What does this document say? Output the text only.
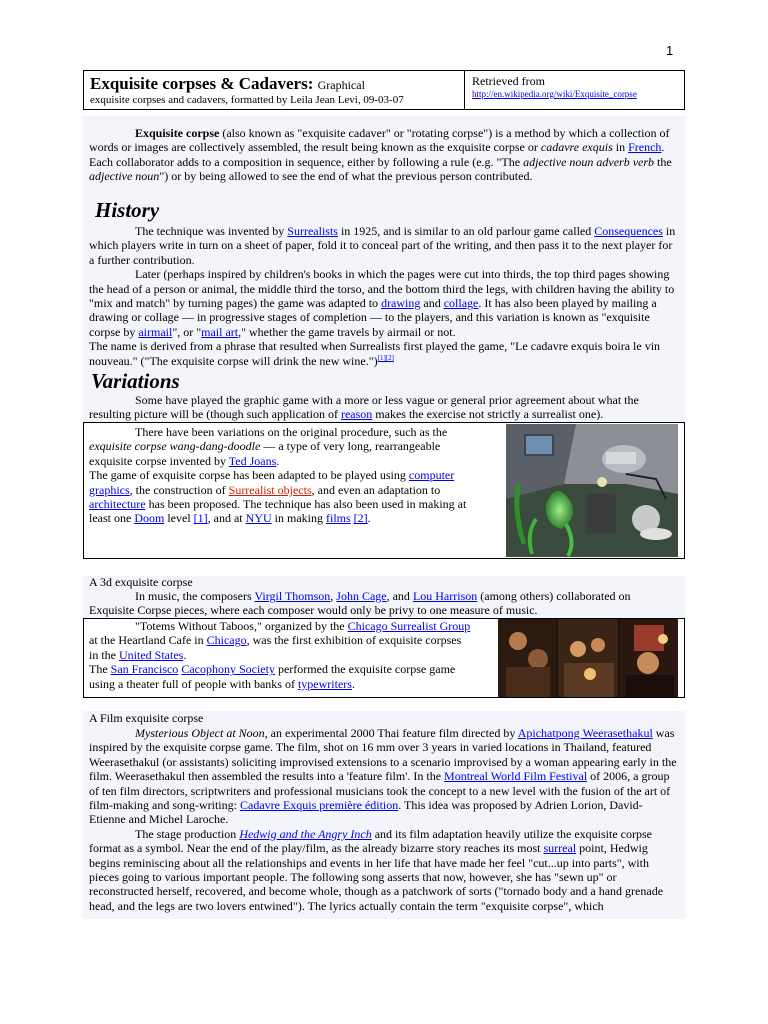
1
Exquisite corpses & Cadavers: Graphical
exquisite corpses and cadavers, formatted by Leila Jean Levi, 09-03-07
Retrieved from
http://en.wikipedia.org/wiki/Exquisite_corpse

Exquisite corpse (also known as "exquisite cadaver" or "rotating corpse") is a method by which a collection of words or images are collectively assembled, the result being known as the exquisite corpse or cadavre exquis in French. Each collaborator adds to a composition in sequence, either by following a rule (e.g. "The adjective noun adverb verb the adjective noun") or by being allowed to see the end of what the previous person contributed.

History

The technique was invented by Surrealists in 1925, and is similar to an old parlour game called Consequences in which players write in turn on a sheet of paper, fold it to conceal part of the writing, and then pass it to the next player for a further contribution.

Later (perhaps inspired by children's books in which the pages were cut into thirds, the top third pages showing the head of a person or animal, the middle third the torso, and the bottom third the legs, with children having the ability to "mix and match" by turning pages) the game was adapted to drawing and collage. It has also been played by mailing a drawing or collage — in progressive stages of completion — to the players, and this variation is known as "exquisite corpse by airmail", or "mail art," whether the game travels by airmail or not.

The name is derived from a phrase that resulted when Surrealists first played the game, "Le cadavre exquis boira le vin nouveau." ("The exquisite corpse will drink the new wine.")[1][2]

Variations

Some have played the graphic game with a more or less vague or general prior agreement about what the resulting picture will be (though such application of reason makes the exercise not strictly a surrealist one).

There have been variations on the original procedure, such as the
exquisite corpse wang-dang-doodle — a type of very long, rearrangeable
exquisite corpse invented by Ted Joans.
The game of exquisite corpse has been adapted to be played using computer
graphics, the construction of Surrealist objects, and even an adaptation to
architecture has been proposed. The technique has also been used in making at
least one Doom level [1], and at NYU in making films [2].
A 3d exquisite corpse

In music, the composers Virgil Thomson, John Cage, and Lou Harrison (among others) collaborated on Exquisite Corpse pieces, where each composer would only be privy to one measure of music.

"Totems Without Taboos," organized by the Chicago Surrealist Group
at the Heartland Cafe in Chicago, was the first exhibition of exquisite corpses
in the United States.
The San Francisco Cacophony Society performed the exquisite corpse game
using a theater full of people with banks of typewriters.
A Film exquisite corpse

Mysterious Object at Noon, an experimental 2000 Thai feature film directed by Apichatpong Weerasethakul was inspired by the exquisite corpse game. The film, shot on 16 mm over 3 years in varied locations in Thailand, featured Weerasethakul (or assistants) soliciting improvised extensions to a scenario improvised by a woman appearing early in the film. Weerasethakul then assembled the results into a 'feature film'. In the Montreal World Film Festival of 2006, a group of ten film directors, scriptwriters and professional musicians took the concept to a new level with the fusion of the art of film-making and song-writing: Cadavre Exquis première édition. This idea was proposed by Adrien Lorion, David-Etienne and Michel Laroche.

The stage production Hedwig and the Angry Inch and its film adaptation heavily utilize the exquisite corpse format as a symbol. Near the end of the play/film, as the already bizarre story reaches its most surreal point, Hedwig begins reminiscing about all the relationships and events in her life that have made her feel "cut...up into parts", with pieces going to various important people. The following song asserts that now, however, she has "sewn up" or reconstructed herself, recovered, and become whole, though as a patchwork of sorts ("tornado body and a hand grenade head, and the legs are two lovers entwined"). The lyrics actually contain the term "exquisite corpse", which
